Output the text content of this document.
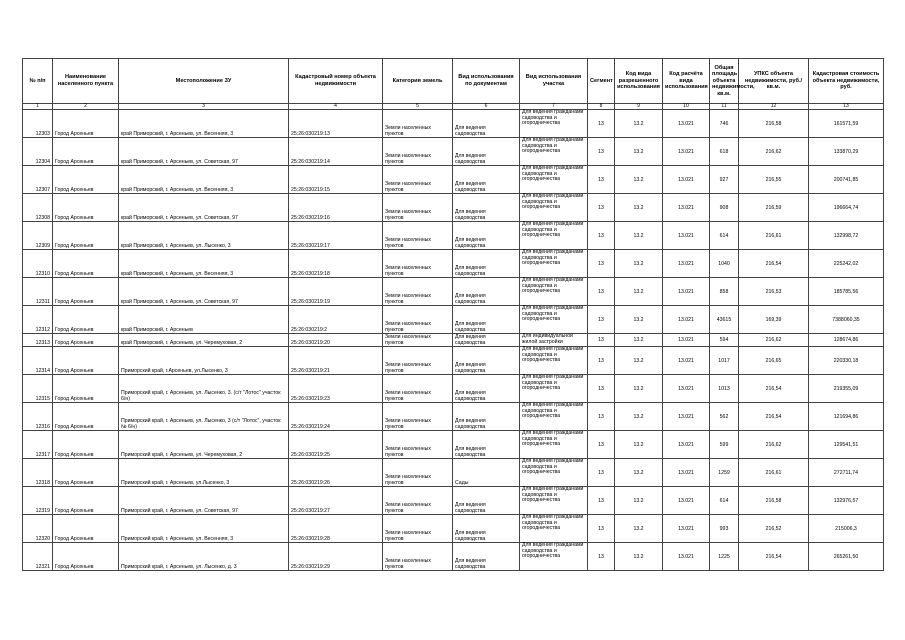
№ п/п	Наименование населенного пункта	Местоположение ЗУ	Кадастровый номер объекта недвижимости	Категория земель	Вид использования по документам	Вид использования участка	Сегмент	Код вида разрешенного использования	Код расчёта вида использования	Общая площадь объекта недвижимости, кв.м.	УПКС объекта недвижимости, руб./кв.м.	Кадастровая стоимость объекта недвижимости, руб.
1	2	3	4	5	6	7	8	9	10	11	12	13
12303	Город Арсеньев	край Приморский, г. Арсеньев, ул. Весенняя, 3	25:26:030219:13	Земли населенных пунктов	Для ведения садоводства	Для ведения гражданами садоводства и огородничества	13	13.2	13.021	746	216,58	161571,59
12304	Город Арсеньев	край Приморский, г. Арсеньев, ул. Советская, 97	25:26:030219:14	Земли населенных пунктов	Для ведения садоводства	Для ведения гражданами садоводства и огородничества	13	13.2	13.021	618	216,62	133870,29
12307	Город Арсеньев	край Приморский, г. Арсеньев, ул. Весенняя, 3	25:26:030219:15	Земли населенных пунктов	Для ведения садоводства	Для ведения гражданами садоводства и огородничества	13	13.2	13.021	927	216,55	200741,85
12308	Город Арсеньев	край Приморский, г. Арсеньев, ул. Советская, 97	25:26:030219:16	Земли населенных пунктов	Для ведения садоводства	Для ведения гражданами садоводства и огородничества	13	13.2	13.021	908	216,59	196664,74
12309	Город Арсеньев	край Приморский, г. Арсеньев, ул. Лысенко, 3	25:26:030219:17	Земли населенных пунктов	Для ведения садоводства	Для ведения гражданами садоводства и огородничества	13	13.2	13.021	614	216,61	132998,72
12310	Город Арсеньев	край Приморский, г. Арсеньев, ул. Весенняя, 3	25:26:030219:18	Земли населенных пунктов	Для ведения садоводства	Для ведения гражданами садоводства и огородничества	13	13.2	13.021	1040	216,54	225242,02
12311	Город Арсеньев	край Приморский, г. Арсеньев, ул. Советская, 97	25:26:030219:19	Земли населенных пунктов	Для ведения садоводства	Для ведения гражданами садоводства и огородничества	13	13.2	13.021	858	216,53	185785,56
12312	Город Арсеньев	край Приморский, г. Арсеньев	25:26:030219:2	Земли населенных пунктов	Для ведения садоводства	Для ведения гражданами садоводства и огородничества	13	13.2	13.021	43615	169,39	7388060,35
12313	Город Арсеньев	край Приморский, г. Арсеньев, ул. Черемуховая, 2	25:26:030219:20	Земли населенных пунктов	Для ведения садоводства	Для индивидуальной жилой застройки	13	13.2	13.021	594	216,62	128674,86
12314	Город Арсеньев	Приморский край, г.Арсеньев, ул.Лысенко, 3	25:26:030219:21	Земли населенных пунктов	Для ведения садоводства	Для ведения гражданами садоводства и огородничества	13	13.2	13.021	1017	216,65	220330,18
12315	Город Арсеньев	Приморский край, г. Арсеньев, ул. Лысенко, 3. (с/т "Лотос" участок 6/н)	25:26:030219:23	Земли населенных пунктов	Для ведения садоводства	Для ведения гражданами садоводства и огородничества	13	13.2	13.021	1013	216,54	219355,09
12316	Город Арсеньев	Приморский край, г. Арсеньев, ул. Лысенко, 3 (с/т "Лотос", участок № 6/н)	25:26:030219:24	Земли населенных пунктов	Для ведения садоводства	Для ведения гражданами садоводства и огородничества	13	13.2	13.021	562	216,54	121694,86
12317	Город Арсеньев	Приморский край, г. Арсеньев, ул. Черемуховая, 2	25:26:030219:25	Земли населенных пунктов	Для ведения садоводства	Для ведения гражданами садоводства и огородничества	13	13.2	13.021	599	216,62	129541,51
12318	Город Арсеньев	Приморский край, г. Арсеньев, ул.Лысенко, 3	25:26:030219:26	Земли населенных пунктов	Сады	Для ведения гражданами садоводства и огородничества	13	13.2	13.021	1259	216,61	272711,74
12319	Город Арсеньев	Приморский край, г. Арсеньев, ул. Советская, 97	25:26:030219:27	Земли населенных пунктов	Для ведения садоводства	Для ведения гражданами садоводства и огородничества	13	13.2	13.021	614	216,58	132976,57
12320	Город Арсеньев	Приморский край, г. Арсеньев, ул. Весенняя, 3	25:26:030219:28	Земли населенных пунктов	Для ведения садоводства	Для ведения гражданами садоводства и огородничества	13	13.2	13.021	993	216,52	215006,3
12321	Город Арсеньев	Приморский край, г. Арсеньев, ул. Лысенко, д. 3	25:26:030219:29	Земли населенных пунктов	Для ведения садоводства	Для ведения гражданами садоводства и огородничества	13	13.2	13.021	1225	216,54	265261,50
